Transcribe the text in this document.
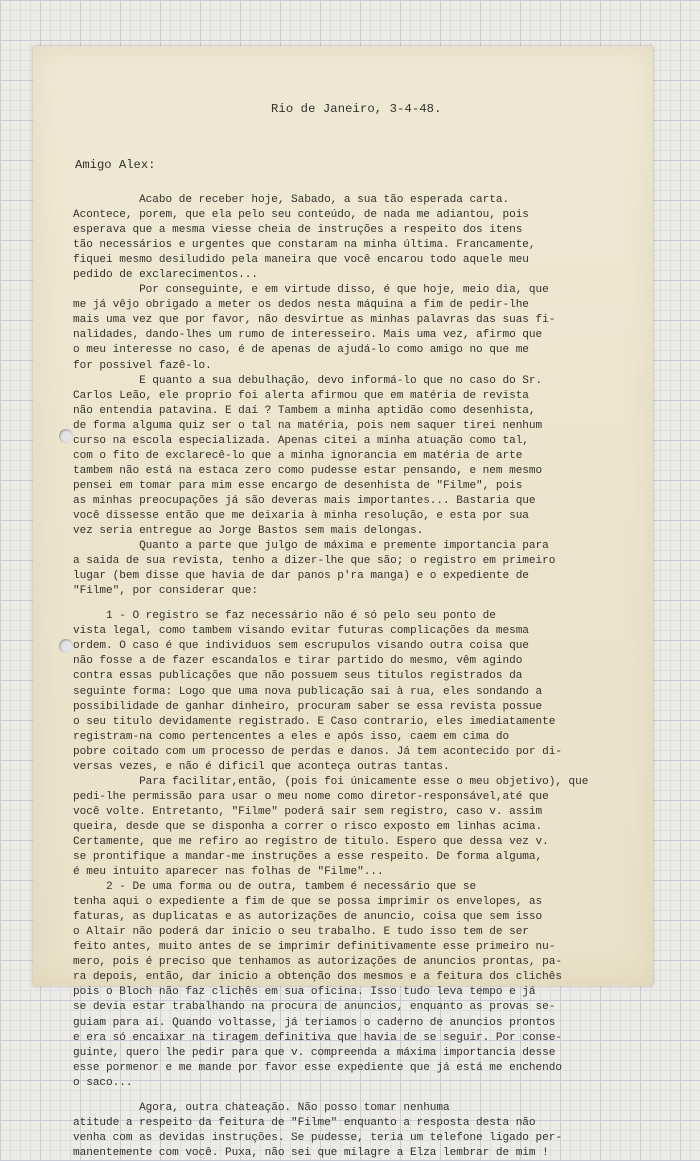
Rio de Janeiro, 3-4-48.
Amigo Alex:
Acabo de receber hoje, Sabado, a sua tão esperada carta.
Acontece, porem, que ela pelo seu conteúdo, de nada me adiantou, pois
esperava que a mesma viesse cheia de instruções a respeito dos itens
tão necessários e urgentes que constaram na minha última. Francamente,
fiquei mesmo desiludido pela maneira que você encarou todo aquele meu
pedido de exclarecimentos...
Por conseguinte, e em virtude disso, é que hoje, meio dia, que
me já vêjo obrigado a meter os dedos nesta máquina a fim de pedir-lhe
mais uma vez que por favor, não desvirtue as minhas palavras das suas fi-
nalidades, dando-lhes um rumo de interesseiro. Mais uma vez, afirmo que
o meu interesse no caso, é de apenas de ajudá-lo como amigo no que me
for possivel fazê-lo.
E quanto a sua debulhação, devo informá-lo que no caso do Sr.
Carlos Leão, ele proprio foi alerta afirmou que em matéria de revista
não entendia patavina. E daí ? Tambem a minha aptidão como desenhista,
de forma alguma quiz ser o tal na matéria, pois nem saquer tirei nenhum
curso na escola especializada. Apenas citei a minha atuação como tal,
com o fito de exclarecê-lo que a minha ignorancia em matéria de arte
tambem não está na estaca zero como pudesse estar pensando, e nem mesmo
pensei em tomar para mim esse encargo de desenhista de "Filme", pois
as minhas preocupações já são deveras mais importantes... Bastaria que
você dissesse então que me deixaria à minha resolução, e esta por sua
vez seria entregue ao Jorge Bastos sem mais delongas.
Quanto a parte que julgo de máxima e premente importancia para
a saida de sua revista, tenho a dizer-lhe que são; o registro em primeiro
lugar (bem disse que havia de dar panos p'ra manga) e o expediente de
"Filme", por considerar que:
1 - O registro se faz necessário não é só pelo seu ponto de
vista legal, como tambem visando evitar futuras complicações da mesma
ordem. O caso é que individuos sem escrupulos visando outra coisa que
não fosse a de fazer escandalos e tirar partido do mesmo, vêm agindo
contra essas publicações que não possuem seus titulos registrados da
seguinte forma: Logo que uma nova publicação sai à rua, eles sondando a
possibilidade de ganhar dinheiro, procuram saber se essa revista possue
o seu titulo devidamente registrado. E Caso contrario, eles imediatamente
registram-na como pertencentes a eles e após isso, caem em cima do
pobre coitado com um processo de perdas e danos. Já tem acontecido por di-
versas vezes, e não é dificil que aconteça outras tantas.
Para facilitar,então, (pois foi únicamente esse o meu objetivo), que
pedi-lhe permissão para usar o meu nome como diretor-responsável,até que
você volte. Entretanto, "Filme" poderá sair sem registro, caso v. assim
queira, desde que se disponha a correr o risco exposto em linhas acima.
Certamente, que me refiro ao registro de titulo. Espero que dessa vez v.
se prontifique a mandar-me instruções a esse respeito. De forma alguma,
é meu intuito aparecer nas folhas de "Filme"...
2 - De uma forma ou de outra, tambem é necessário que se
tenha aqui o expediente a fim de que se possa imprimir os envelopes, as
faturas, as duplicatas e as autorizações de anuncio, coisa que sem isso
o Altair não poderá dar inicio o seu trabalho. E tudo isso tem de ser
feito antes, muito antes de se imprimir definitivamente esse primeiro nu-
mero, pois é preciso que tenhamos as autorizações de anuncios prontas, pa-
ra depois, então, dar inicio a obtenção dos mesmos e a feitura dos clichês
pois o Bloch não faz clichês em sua oficina. Isso tudo leva tempo e já
se devia estar trabalhando na procura de anuncios, enquanto as provas se-
guiam para aí. Quando voltasse, já teriamos o caderno de anuncios prontos
e era só encaixar na tiragem definitiva que havia de se seguir. Por conse-
guinte, quero lhe pedir para que v. compreenda a máxima importancia desse
esse pormenor e me mande por favor esse expediente que já está me enchendo
o saco...
Agora, outra chateação. Não posso tomar nenhuma
atitude a respeito da feitura de "Filme" enquanto a resposta desta não
venha com as devidas instruções. Se pudesse, teria um telefone ligado per-
manentemente com você. Puxa, não sei que milagre a Elza lembrar de mim !
